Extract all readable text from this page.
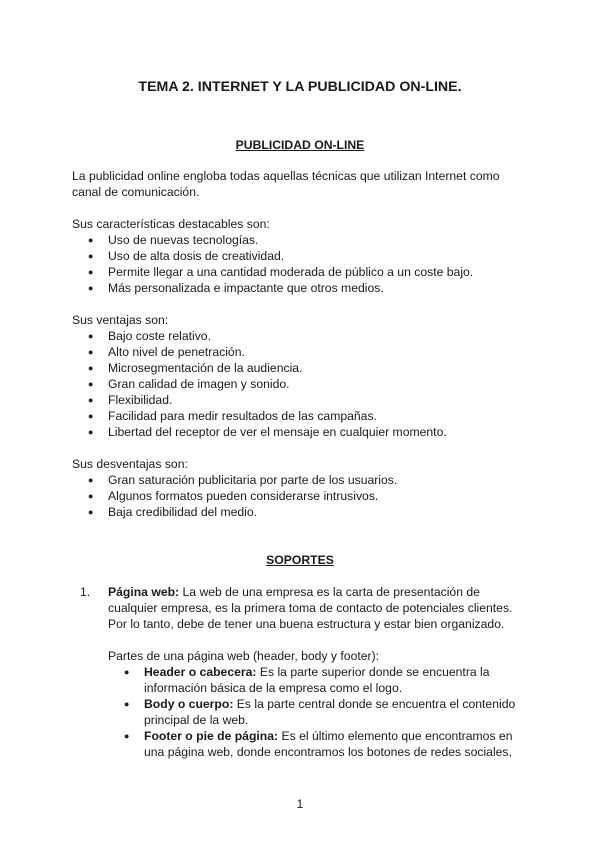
TEMA 2. INTERNET Y LA PUBLICIDAD ON-LINE.
PUBLICIDAD ON-LINE

La publicidad online engloba todas aquellas técnicas que utilizan Internet como

canal de comunicación.

Sus características destacables son:

● Uso de nuevas tecnologías.
● Uso de alta dosis de creatividad.
● Permite llegar a una cantidad moderada de público a un coste bajo.
● Más personalizada e impactante que otros medios.

Sus ventajas son:

● Bajo coste relativo.
● Alto nivel de penetración.
● Microsegmentación de la audiencia.
● Gran calidad de imagen y sonido.
● Flexibilidad.
● Facilidad para medir resultados de las campañas.
● Libertad del receptor de ver el mensaje en cualquier momento.

Sus desventajas son:

● Gran saturación publicitaria por parte de los usuarios.
● Algunos formatos pueden considerarse intrusivos.
● Baja credibilidad del medio.
SOPORTES
1. Página web: La web de una empresa es la carta de presentación de

cualquier empresa, es la primera toma de contacto de potenciales clientes.

Por lo tanto, debe de tener una buena estructura y estar bien organizado.

Partes de una página web (header, body y footer):

● Header o cabecera: Es la parte superior donde se encuentra la
información básica de la empresa como el logo.
● Body o cuerpo: Es la parte central donde se encuentra el contenido
principal de la web.
● Footer o pie de página: Es el último elemento que encontramos en
una página web, donde encontramos los botones de redes sociales,
1
